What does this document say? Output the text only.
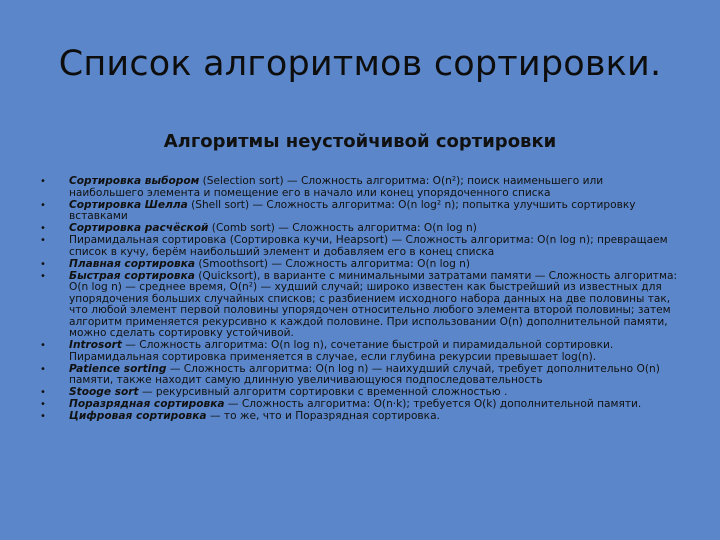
Список алгоритмов сортировки.
Алгоритмы неустойчивой сортировки
•	Сортировка выбором (Selection sort) — Сложность алгоритма: O(n²); поиск наименьшего или наибольшего элемента и помещение его в начало или конец упорядоченного списка
•	Сортировка Шелла (Shell sort) — Сложность алгоритма: O(n log² n); попытка улучшить сортировку вставками
•	Сортировка расчёской (Comb sort) — Сложность алгоритма: O(n log n)
•	Пирамидальная сортировка (Сортировка кучи, Heapsort) — Сложность алгоритма: O(n log n); превращаем список в кучу, берём наибольший элемент и добавляем его в конец списка
•	Плавная сортировка (Smoothsort) — Сложность алгоритма: O(n log n)
•	Быстрая сортировка (Quicksort), в варианте с минимальными затратами памяти — Сложность алгоритма: O(n log n) — среднее время, O(n²) — худший случай; широко известен как быстрейший из известных для упорядочения больших случайных списков; с разбиением исходного набора данных на две половины так, что любой элемент первой половины упорядочен относительно любого элемента второй половины; затем алгоритм применяется рекурсивно к каждой половине. При использовании O(n) дополнительной памяти, можно сделать сортировку устойчивой.
•	Introsort — Сложность алгоритма: O(n log n), сочетание быстрой и пирамидальной сортировки. Пирамидальная сортировка применяется в случае, если глубина рекурсии превышает log(n).
•	Patience sorting — Сложность алгоритма: O(n log n) — наихудший случай, требует дополнительно O(n) памяти, также находит самую длинную увеличивающуюся подпоследовательность
•	Stooge sort — рекурсивный алгоритм сортировки с временной сложностью .
•	Поразрядная сортировка — Сложность алгоритма: O(n·k); требуется O(k) дополнительной памяти.
•	Цифровая сортировка — то же, что и Поразрядная сортировка.
